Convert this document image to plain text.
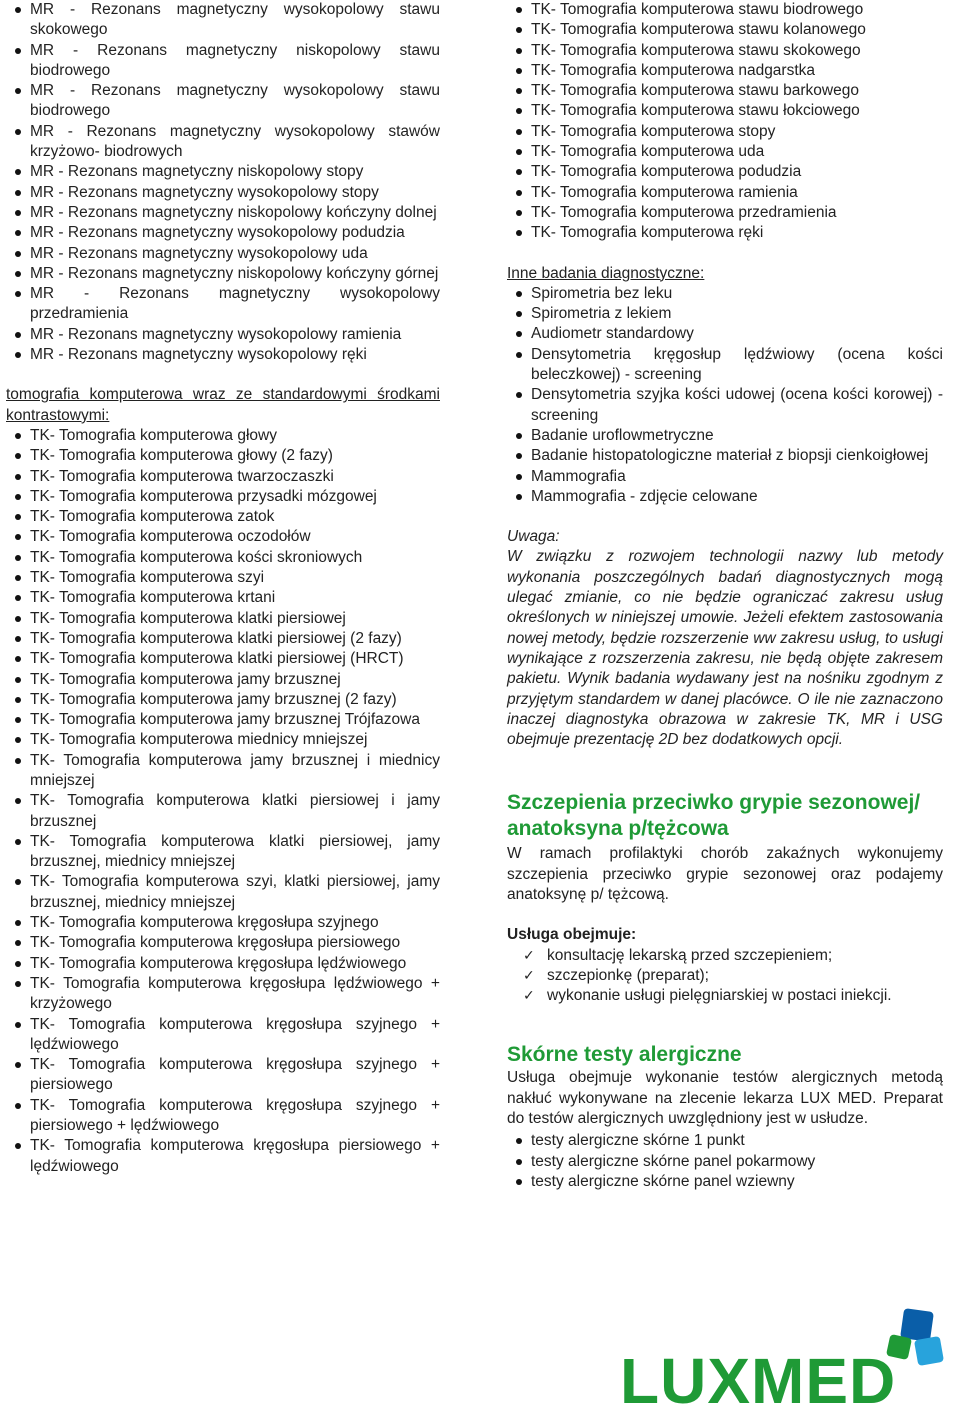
MR - Rezonans magnetyczny wysokopolowy stawu skokowego
MR - Rezonans magnetyczny niskopolowy stawu biodrowego
MR - Rezonans magnetyczny wysokopolowy stawu biodrowego
MR - Rezonans magnetyczny wysokopolowy stawów krzyżowo- biodrowych
MR - Rezonans magnetyczny niskopolowy stopy
MR - Rezonans magnetyczny wysokopolowy stopy
MR - Rezonans magnetyczny niskopolowy kończyny dolnej
MR - Rezonans magnetyczny wysokopolowy podudzia
MR - Rezonans magnetyczny wysokopolowy uda
MR - Rezonans magnetyczny niskopolowy kończyny górnej
MR - Rezonans magnetyczny wysokopolowy przedramienia
MR - Rezonans magnetyczny wysokopolowy ramienia
MR - Rezonans magnetyczny wysokopolowy ręki
tomografia komputerowa wraz ze standardowymi środkami kontrastowymi:
TK- Tomografia komputerowa głowy
TK- Tomografia komputerowa głowy (2 fazy)
TK- Tomografia komputerowa twarzoczaszki
TK- Tomografia komputerowa przysadki mózgowej
TK- Tomografia komputerowa zatok
TK- Tomografia komputerowa oczodołów
TK- Tomografia komputerowa kości skroniowych
TK- Tomografia komputerowa szyi
TK- Tomografia komputerowa krtani
TK- Tomografia komputerowa klatki piersiowej
TK- Tomografia komputerowa klatki piersiowej (2 fazy)
TK- Tomografia komputerowa klatki piersiowej (HRCT)
TK- Tomografia komputerowa jamy brzusznej
TK- Tomografia komputerowa jamy brzusznej (2 fazy)
TK- Tomografia komputerowa jamy brzusznej Trójfazowa
TK- Tomografia komputerowa miednicy mniejszej
TK- Tomografia komputerowa jamy brzusznej i miednicy mniejszej
TK- Tomografia komputerowa klatki piersiowej i jamy brzusznej
TK- Tomografia komputerowa klatki piersiowej, jamy brzusznej, miednicy mniejszej
TK- Tomografia komputerowa szyi, klatki piersiowej, jamy brzusznej, miednicy mniejszej
TK- Tomografia komputerowa kręgosłupa szyjnego
TK- Tomografia komputerowa kręgosłupa piersiowego
TK- Tomografia komputerowa kręgosłupa lędźwiowego
TK- Tomografia komputerowa kręgosłupa lędźwiowego + krzyżowego
TK- Tomografia komputerowa kręgosłupa szyjnego + lędźwiowego
TK- Tomografia komputerowa kręgosłupa szyjnego + piersiowego
TK- Tomografia komputerowa kręgosłupa szyjnego + piersiowego + lędźwiowego
TK- Tomografia komputerowa kręgosłupa piersiowego + lędźwiowego
TK- Tomografia komputerowa stawu biodrowego
TK- Tomografia komputerowa stawu kolanowego
TK- Tomografia komputerowa stawu skokowego
TK- Tomografia komputerowa nadgarstka
TK- Tomografia komputerowa stawu barkowego
TK- Tomografia komputerowa stawu łokciowego
TK- Tomografia komputerowa stopy
TK- Tomografia komputerowa uda
TK- Tomografia komputerowa podudzia
TK- Tomografia komputerowa ramienia
TK- Tomografia komputerowa przedramienia
TK- Tomografia komputerowa ręki
Inne badania diagnostyczne:
Spirometria bez leku
Spirometria z lekiem
Audiometr standardowy
Densytometria kręgosłup lędźwiowy (ocena kości beleczkowej) - screening
Densytometria szyjka kości udowej (ocena kości korowej) - screening
Badanie uroflowmetryczne
Badanie histopatologiczne materiał z biopsji cienkoigłowej
Mammografia
Mammografia - zdjęcie celowane
Uwaga:
W związku z rozwojem technologii nazwy lub metody wykonania poszczególnych badań diagnostycznych mogą ulegać zmianie, co nie będzie ograniczać zakresu usług określonych w niniejszej umowie. Jeżeli efektem zastosowania nowej metody, będzie rozszerzenie ww zakresu usług, to usługi wynikające z rozszerzenia zakresu, nie będą objęte zakresem pakietu. Wynik badania wydawany jest na nośniku zgodnym z przyjętym standardem w danej placówce. O ile nie zaznaczono inaczej diagnostyka obrazowa w zakresie TK, MR i USG obejmuje prezentację 2D bez dodatkowych opcji.
Szczepienia przeciwko grypie sezonowej/ anatoksyna p/tężcowa
W ramach profilaktyki chorób zakaźnych wykonujemy szczepienia przeciwko grypie sezonowej oraz podajemy anatoksynę p/ tężcową.
Usługa obejmuje:
✓ konsultację lekarską przed szczepieniem;
✓ szczepionkę (preparat);
✓ wykonanie usługi pielęgniarskiej w postaci iniekcji.
Skórne testy alergiczne
Usługa obejmuje wykonanie testów alergicznych metodą nakłuć wykonywane na zlecenie lekarza LUX MED. Preparat do testów alergicznych uwzględniony jest w usłudze.
testy alergiczne skórne 1 punkt
testy alergiczne skórne panel pokarmowy
testy alergiczne skórne panel wziewny
LUXMED
